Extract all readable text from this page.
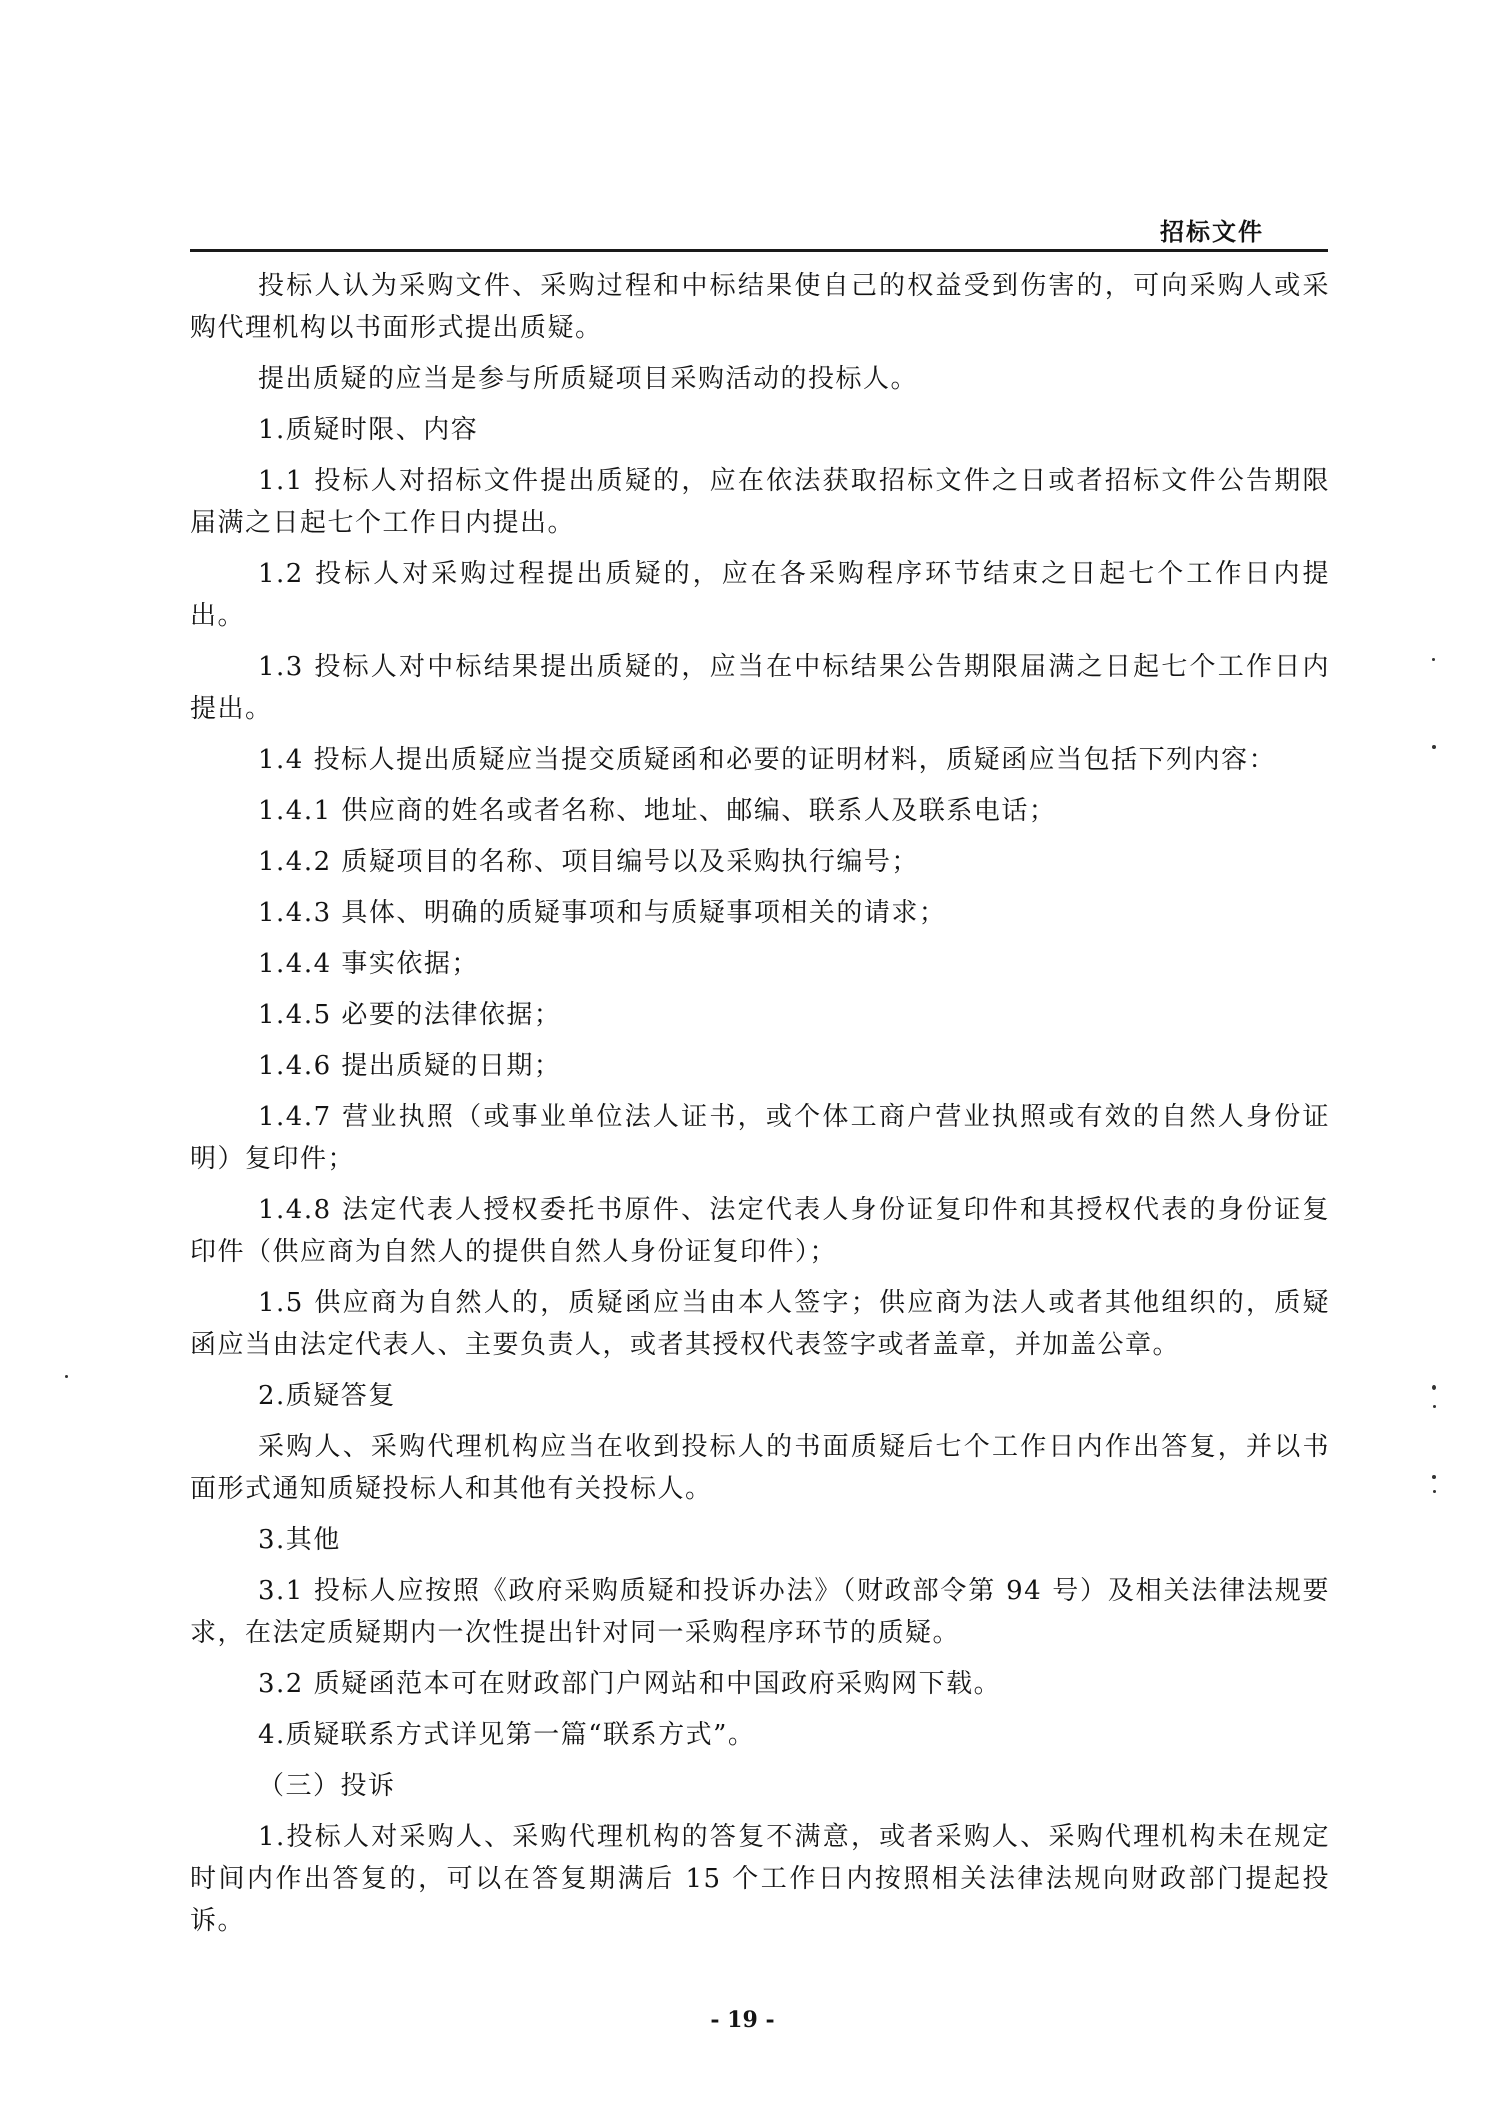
招标文件

投标人认为采购文件、采购过程和中标结果使自己的权益受到伤害的，可向采购人或采购代理机构以书面形式提出质疑。

提出质疑的应当是参与所质疑项目采购活动的投标人。

1.质疑时限、内容

1.1 投标人对招标文件提出质疑的，应在依法获取招标文件之日或者招标文件公告期限届满之日起七个工作日内提出。

1.2 投标人对采购过程提出质疑的，应在各采购程序环节结束之日起七个工作日内提出。

1.3 投标人对中标结果提出质疑的，应当在中标结果公告期限届满之日起七个工作日内提出。

1.4 投标人提出质疑应当提交质疑函和必要的证明材料，质疑函应当包括下列内容：

1.4.1 供应商的姓名或者名称、地址、邮编、联系人及联系电话；

1.4.2 质疑项目的名称、项目编号以及采购执行编号；

1.4.3 具体、明确的质疑事项和与质疑事项相关的请求；

1.4.4 事实依据；

1.4.5 必要的法律依据；

1.4.6 提出质疑的日期；

1.4.7 营业执照（或事业单位法人证书，或个体工商户营业执照或有效的自然人身份证明）复印件；

1.4.8 法定代表人授权委托书原件、法定代表人身份证复印件和其授权代表的身份证复印件（供应商为自然人的提供自然人身份证复印件）；

1.5 供应商为自然人的，质疑函应当由本人签字；供应商为法人或者其他组织的，质疑函应当由法定代表人、主要负责人，或者其授权代表签字或者盖章，并加盖公章。

2.质疑答复

采购人、采购代理机构应当在收到投标人的书面质疑后七个工作日内作出答复，并以书面形式通知质疑投标人和其他有关投标人。

3.其他

3.1 投标人应按照《政府采购质疑和投诉办法》（财政部令第 94 号）及相关法律法规要求，在法定质疑期内一次性提出针对同一采购程序环节的质疑。

3.2 质疑函范本可在财政部门户网站和中国政府采购网下载。

4.质疑联系方式详见第一篇“联系方式”。

（三）投诉

1.投标人对采购人、采购代理机构的答复不满意，或者采购人、采购代理机构未在规定时间内作出答复的，可以在答复期满后 15 个工作日内按照相关法律法规向财政部门提起投诉。

- 19 -
